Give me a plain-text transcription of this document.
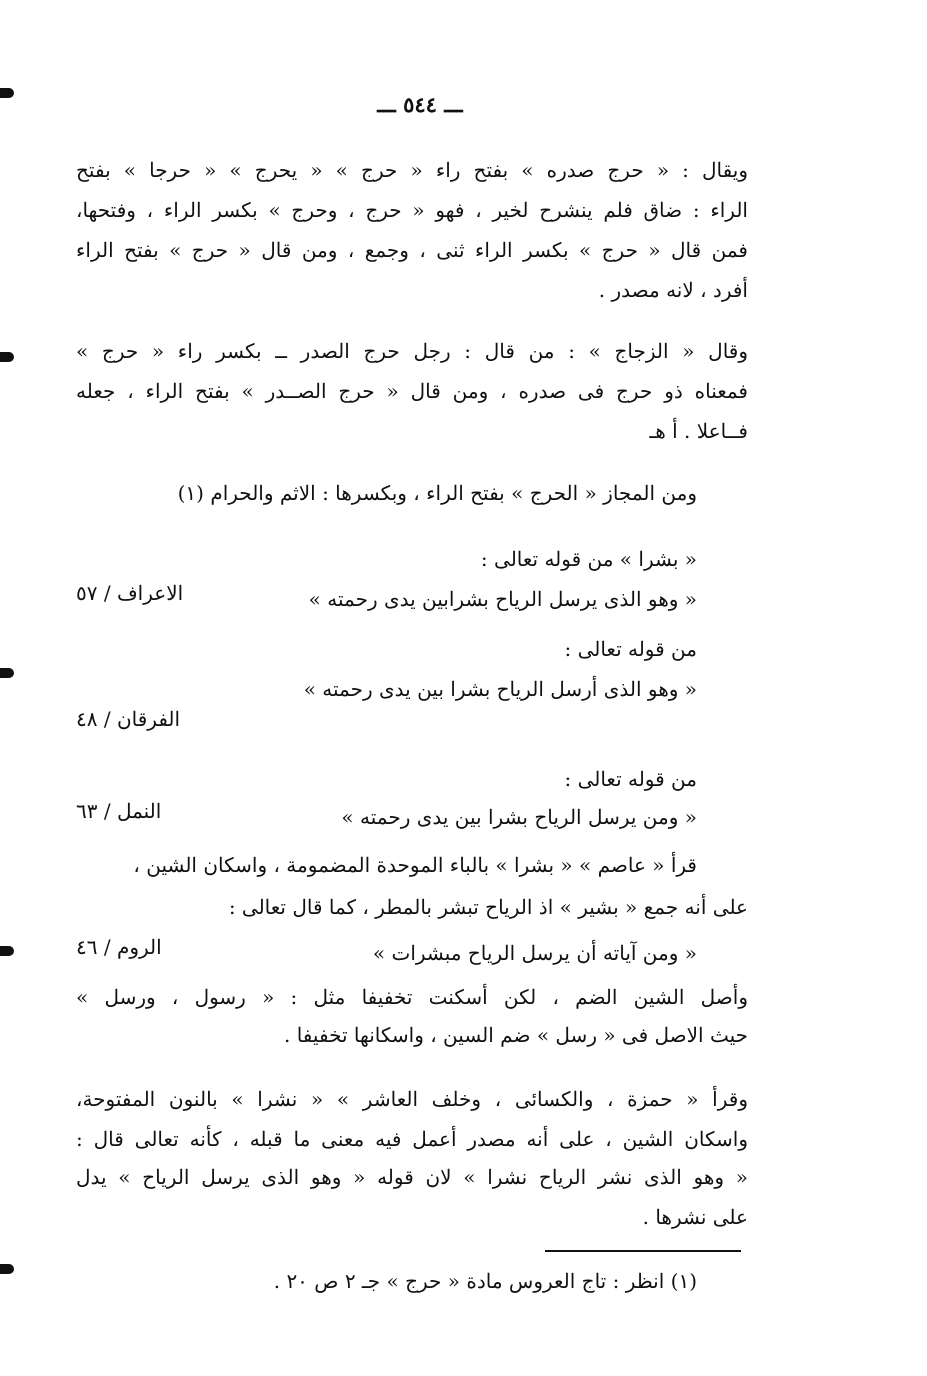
ـــ ٥٤٤ ـــ
ويقال : « حرج صدره » بفتح راء « حرج » « يحرج » « حرجا » بفتح
الراء : ضاق فلم ينشرح لخير ، فهو « حرج ، وحرج » بكسر الراء ، وفتحها،
فمن قال « حرج » بكسر الراء ثنى ، وجمع ، ومن قال « حرج » بفتح الراء
أفرد ، لانه مصدر .
وقال « الزجاج » : من قال : رجل حرج الصدر ــ بكسر راء « حرج »
فمعناه ذو حرج فى صدره ، ومن قال « حرج الصــدر » بفتح الراء ، جعله
فــاعلا . أ هـ
ومن المجاز « الحرج » بفتح الراء ، وبكسرها : الاثم والحرام (١)
« بشرا » من قوله تعالى :
« وهو الذى يرسل الرياح بشرابين يدى رحمته »
الاعراف / ٥٧
من قوله تعالى :
« وهو الذى أرسل الرياح بشرا بين يدى رحمته »
الفرقان / ٤٨
من قوله تعالى :
« ومن يرسل الرياح بشرا بين يدى رحمته »
النمل / ٦٣
قرأ « عاصم » « بشرا » بالباء الموحدة المضمومة ، واسكان الشين ،
على أنه جمع « بشير » اذ الرياح تبشر بالمطر ، كما قال تعالى :
« ومن آياته أن يرسل الرياح مبشرات »
الروم / ٤٦
وأصل الشين الضم ، لكن أسكنت تخفيفا مثل : « رسول ، ورسل »
حيث الاصل فى « رسل » ضم السين ، واسكانها تخفيفا .
وقرأ « حمزة ، والكسائى ، وخلف العاشر » « نشرا » بالنون المفتوحة،
واسكان الشين ، على أنه مصدر أعمل فيه معنى ما قبله ، كأنه تعالى قال :
« وهو الذى نشر الرياح نشرا » لان قوله « وهو الذى يرسل الرياح » يدل
على نشرها .
(١) انظر : تاج العروس مادة « حرج » جـ ٢ ص ٢٠ .
